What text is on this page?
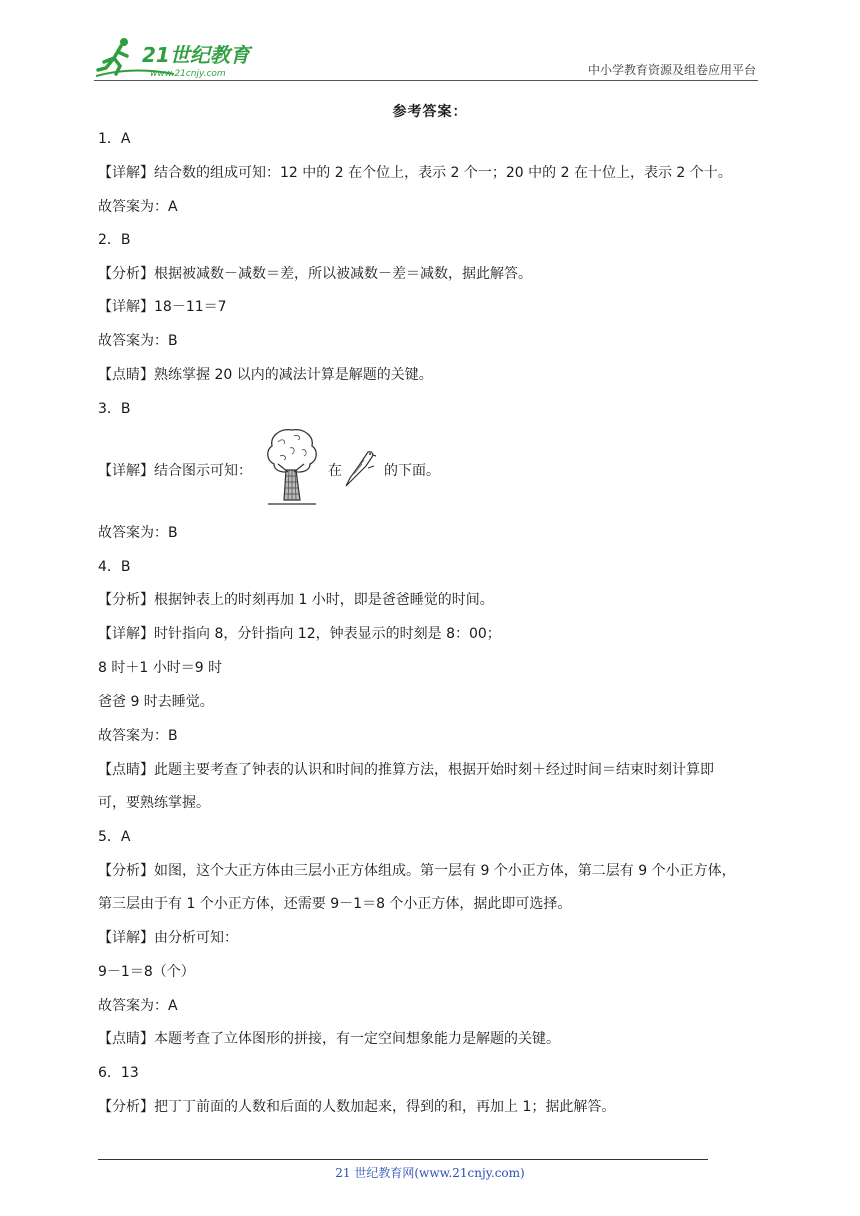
21世纪教育
www.21cnjy.com	中小学教育资源及组卷应用平台
参考答案：
1．A
【详解】结合数的组成可知：12 中的 2 在个位上，表示 2 个一；20 中的 2 在十位上，表示 2 个十。
故答案为：A
2．B
【分析】根据被减数－减数＝差，所以被减数－差＝减数，据此解答。
【详解】18－11＝7
故答案为：B
【点睛】熟练掌握 20 以内的减法计算是解题的关键。
3．B
【详解】结合图示可知：	在	的下面。
故答案为：B
4．B
【分析】根据钟表上的时刻再加 1 小时，即是爸爸睡觉的时间。
【详解】时针指向 8，分针指向 12，钟表显示的时刻是 8：00；
8 时＋1 小时＝9 时
爸爸 9 时去睡觉。
故答案为：B
【点睛】此题主要考查了钟表的认识和时间的推算方法，根据开始时刻＋经过时间＝结束时刻计算即
可，要熟练掌握。
5．A
【分析】如图，这个大正方体由三层小正方体组成。第一层有 9 个小正方体，第二层有 9 个小正方体，
第三层由于有 1 个小正方体，还需要 9－1＝8 个小正方体，据此即可选择。
【详解】由分析可知：
9－1＝8（个）
故答案为：A
【点睛】本题考查了立体图形的拼接，有一定空间想象能力是解题的关键。
6．13
【分析】把丁丁前面的人数和后面的人数加起来，得到的和，再加上 1；据此解答。
21 世纪教育网(www.21cnjy.com)
